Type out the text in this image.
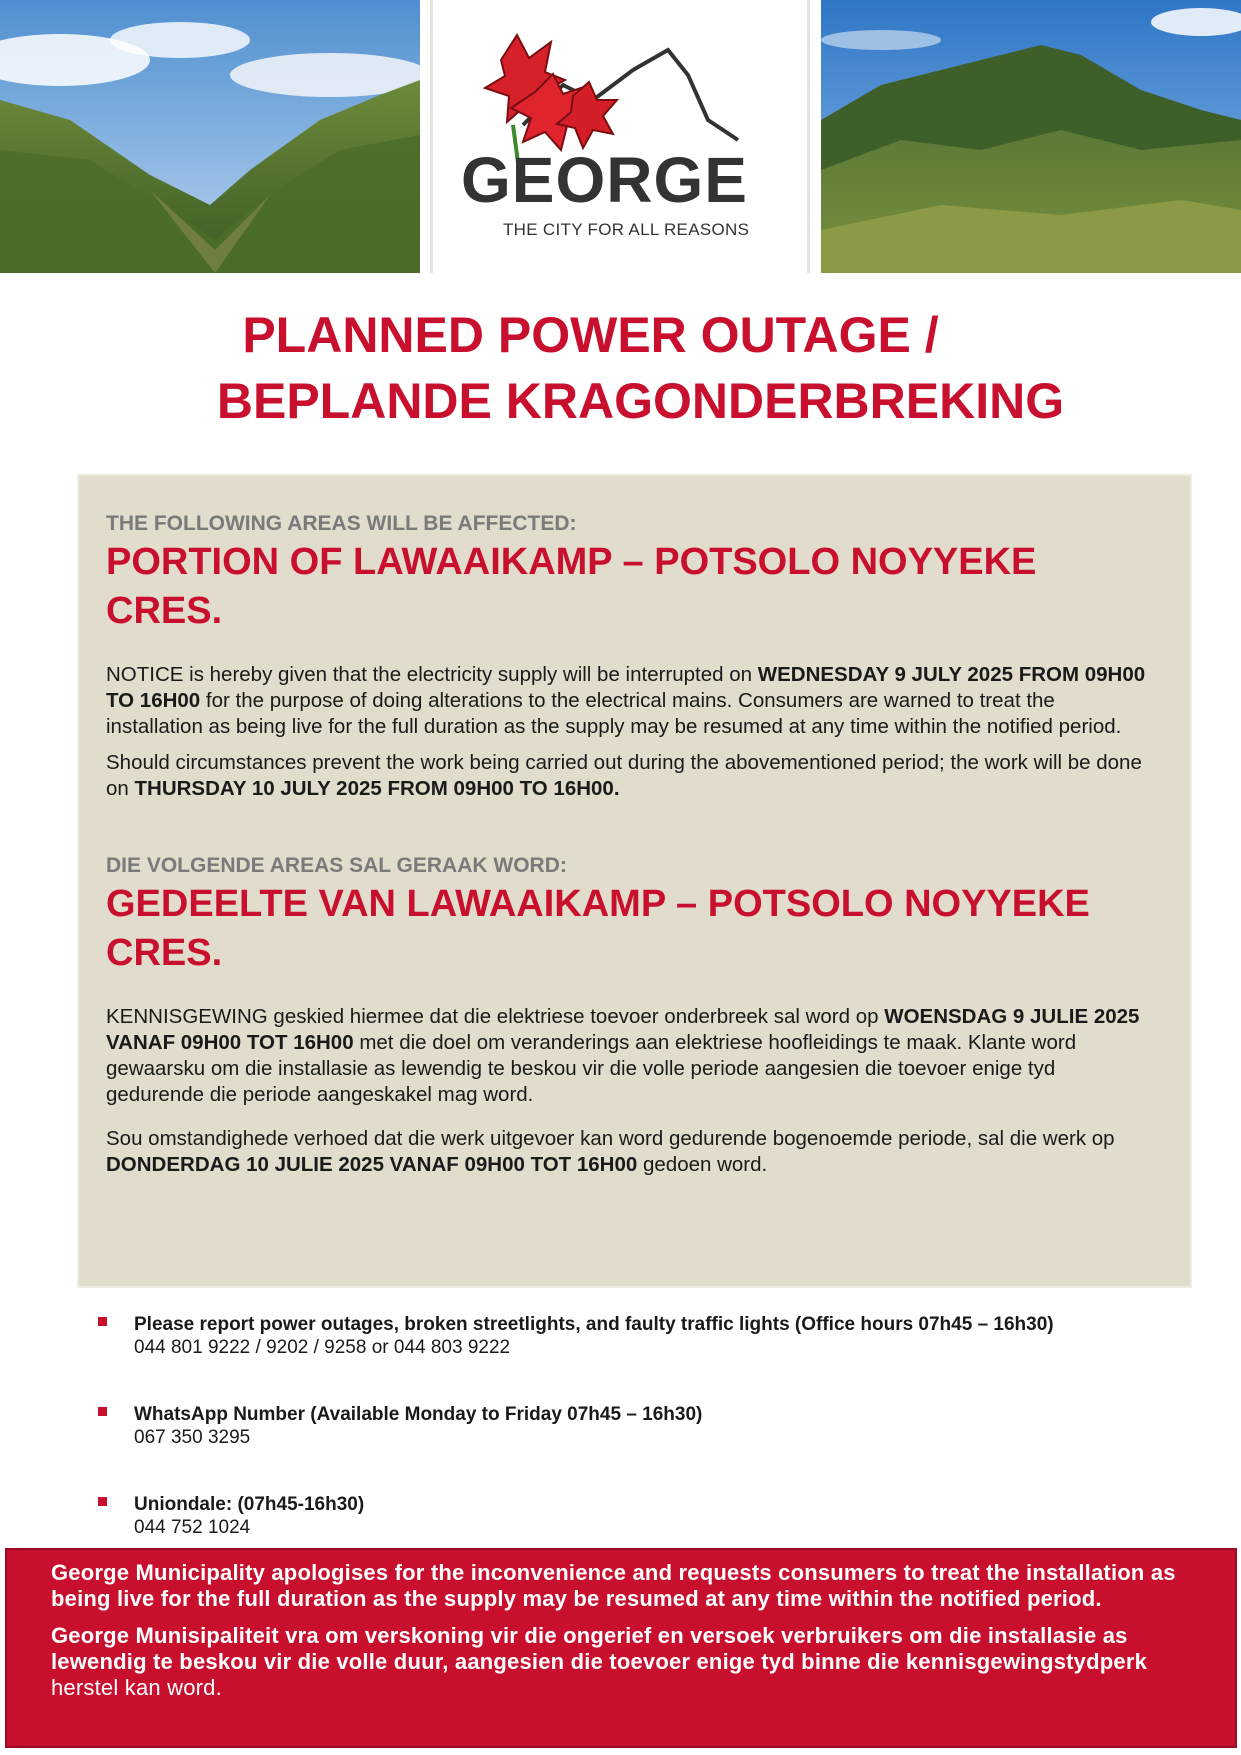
GEORGE
THE CITY FOR ALL REASONS
PLANNED POWER OUTAGE /
BEPLANDE KRAGONDERBREKING
THE FOLLOWING AREAS WILL BE AFFECTED:
PORTION OF LAWAAIKAMP – POTSOLO NOYYEKE CRES.

NOTICE is hereby given that the electricity supply will be interrupted on WEDNESDAY 9 JULY 2025 FROM 09H00 TO 16H00 for the purpose of doing alterations to the electrical mains. Consumers are warned to treat the installation as being live for the full duration as the supply may be resumed at any time within the notified period.

Should circumstances prevent the work being carried out during the abovementioned period; the work will be done on THURSDAY 10 JULY 2025 FROM 09H00 TO 16H00.

DIE VOLGENDE AREAS SAL GERAAK WORD:
GEDEELTE VAN LAWAAIKAMP – POTSOLO NOYYEKE CRES.

KENNISGEWING geskied hiermee dat die elektriese toevoer onderbreek sal word op WOENSDAG 9 JULIE 2025 VANAF 09H00 TOT 16H00 met die doel om veranderings aan elektriese hoofleidings te maak. Klante word gewaarsku om die installasie as lewendig te beskou vir die volle periode aangesien die toevoer enige tyd gedurende die periode aangeskakel mag word.

Sou omstandighede verhoed dat die werk uitgevoer kan word gedurende bogenoemde periode, sal die werk op DONDERDAG 10 JULIE 2025 VANAF 09H00 TOT 16H00 gedoen word.

Please report power outages, broken streetlights, and faulty traffic lights (Office hours 07h45 – 16h30)
044 801 9222 / 9202 / 9258 or 044 803 9222
WhatsApp Number (Available Monday to Friday 07h45 – 16h30)
067 350 3295
Uniondale: (07h45-16h30)
044 752 1024

George Municipality apologises for the inconvenience and requests consumers to treat the installation as being live for the full duration as the supply may be resumed at any time within the notified period.

George Munisipaliteit vra om verskoning vir die ongerief en versoek verbruikers om die installasie as lewendig te beskou vir die volle duur, aangesien die toevoer enige tyd binne die kennisgewingstydperk herstel kan word.
